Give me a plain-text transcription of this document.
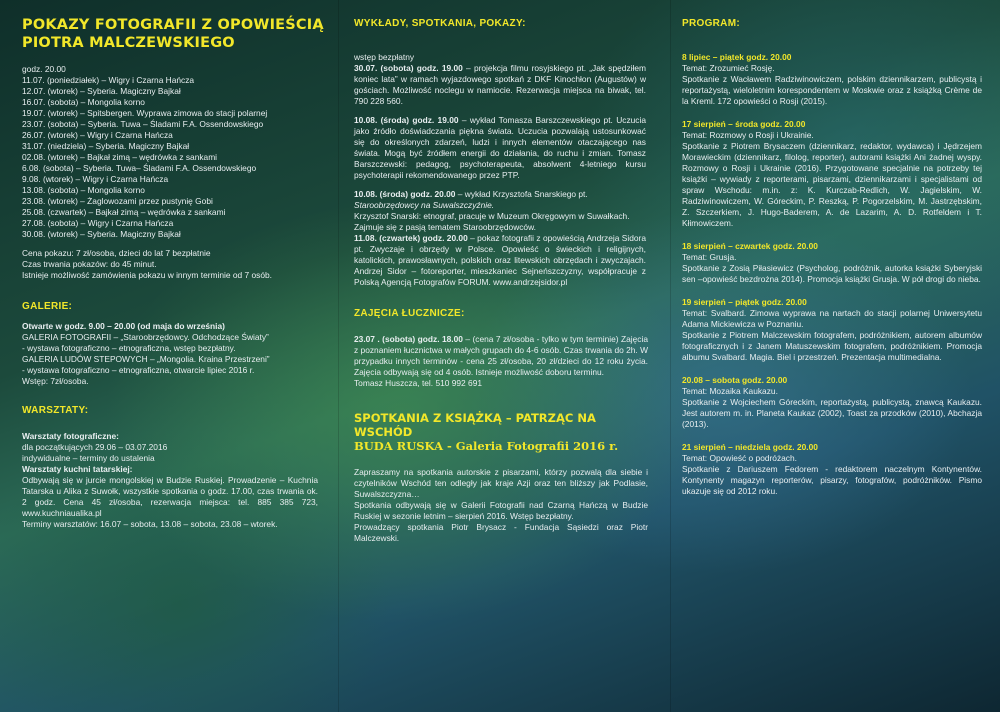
POKAZY FOTOGRAFII Z OPOWIEŚCIĄ
PIOTRA MALCZEWSKIEGO

godz. 20.00

11.07. (poniedziałek) – Wigry i Czarna Hańcza

12.07. (wtorek) – Syberia. Magiczny Bajkał

16.07. (sobota) – Mongolia korno

19.07. (wtorek) – Spitsbergen. Wyprawa zimowa do stacji polarnej

23.07. (sobota) – Syberia. Tuwa – Śladami F.A. Ossendowskiego

26.07. (wtorek) – Wigry i Czarna Hańcza

31.07. (niedziela) – Syberia. Magiczny Bajkał

02.08. (wtorek) – Bajkał zimą – wędrówka z sankami

6.08. (sobota) – Syberia. Tuwa– Śladami F.A. Ossendowskiego

9.08. (wtorek) – Wigry i Czarna Hańcza

13.08. (sobota) – Mongolia korno

23.08. (wtorek) – Żaglowozami przez pustynię Gobi

25.08. (czwartek) – Bajkał zimą – wędrówka z sankami

27.08. (sobota) – Wigry i Czarna Hańcza

30.08. (wtorek) – Syberia. Magiczny Bajkał

Cena pokazu: 7 zł/osoba, dzieci do lat 7 bezpłatnie

Czas trwania pokazów: do 45 minut.

Istnieje możliwość zamówienia pokazu w innym terminie od 7 osób.

GALERIE:

Otwarte w godz. 9.00 – 20.00 (od maja do września)

GALERIA FOTOGRAFII – „Staroobrzędowcy. Odchodzące Światy”

- wystawa fotograficzno – etnograficzna, wstęp bezpłatny.

GALERIA LUDÓW STEPOWYCH – „Mongolia. Kraina Przestrzeni”

- wystawa fotograficzno – etnograficzna, otwarcie lipiec 2016 r.

Wstęp: 7zł/osoba.

WARSZTATY:

Warsztaty fotograficzne:

dla początkujących 29.06 – 03.07.2016

indywidualne – terminy do ustalenia

Warsztaty kuchni tatarskiej:

Odbywają się w jurcie mongolskiej w Budzie Ruskiej. Prowadzenie – Kuchnia Tatarska u Alika z Suwołk, wszystkie spotkania o godz. 17.00, czas trwania ok. 2 godz. Cena 45 zł/osoba, rezerwacja miejsca: tel. 885 385 723, www.kuchniaualika.pl

Terminy warsztatów: 16.07 – sobota, 13.08 – sobota, 23.08 – wtorek.

WYKŁADY, SPOTKANIA, POKAZY:

wstęp bezpłatny

30.07. (sobota) godz. 19.00 – projekcja filmu rosyjskiego pt. „Jak spędziłem koniec lata” w ramach wyjazdowego spotkań z DKF Kinochłon (Augustów) w gościach. Możliwość noclegu w namiocie. Rezerwacja miejsca na biwak, tel. 790 228 560.

10.08. (środa) godz. 19.00 – wykład Tomasza Barszczewskiego pt. Uczucia jako źródło doświadczania piękna świata. Uczucia pozwalają ustosunkować się do określonych zdarzeń, ludzi i innych elementów otaczającego nas świata. Mogą być źródłem energii do działania, do ruchu i zmian. Tomasz Barszczewski: pedagog, psychoterapeuta, absolwent 4-letniego kursu psychoterapii rekomendowanego przez PTP.

10.08. (środa) godz. 20.00 – wykład Krzysztofa Snarskiego pt.
Staroobrzędowcy na Suwalszczyźnie.
Krzysztof Snarski: etnograf, pracuje w Muzeum Okręgowym w Suwałkach. Zajmuje się z pasją tematem Staroobrzędowców.

11.08. (czwartek) godz. 20.00 – pokaz fotografii z opowieścią Andrzeja Sidora pt. Zwyczaje i obrzędy w Polsce. Opowieść o świeckich i religijnych, katolickich, prawosławnych, polskich oraz litewskich obrzędach i zwyczajach. Andrzej Sidor – fotoreporter, mieszkaniec Sejneńszczyzny, współpracuje z Polską Agencją Fotografów FORUM. www.andrzejsidor.pl

ZAJĘCIA ŁUCZNICZE:

23.07 . (sobota) godz. 18.00 – (cena 7 zł/osoba - tylko w tym terminie) Zajęcia z poznaniem łucznictwa w małych grupach do 4-6 osób. Czas trwania do 2h. W przypadku innych terminów - cena 25 zł/osoba, 20 zł/dzieci do 12 roku życia. Zajęcia odbywają się od 4 osób. Istnieje możliwość doboru terminu.

Tomasz Huszcza, tel. 510 992 691

SPOTKANIA Z KSIĄŻKĄ – PATRZĄC NA WSCHÓD
BUDA RUSKA - Galeria Fotografii 2016 r.

Zapraszamy na spotkania autorskie z pisarzami, którzy pozwalą dla siebie i czytelników Wschód ten odległy jak kraje Azji oraz ten bliższy jak Podlasie, Suwalszczyzna…

Spotkania odbywają się w Galerii Fotografii nad Czarną Hańczą w Budzie Ruskiej w sezonie letnim – sierpień 2016. Wstęp bezpłatny.

Prowadzący spotkania Piotr Brysacz - Fundacja Sąsiedzi oraz Piotr Malczewski.

PROGRAM:

8 lipiec – piątek godz. 20.00

Temat: Zrozumieć Rosję.

Spotkanie z Wacławem Radziwinowiczem, polskim dziennikarzem, publicystą i reportażystą, wieloletnim korespondentem w Moskwie oraz z książką Crème de la Kreml. 172 opowieści o Rosji (2015).

17 sierpień – środa godz. 20.00

Temat: Rozmowy o Rosji i Ukrainie.

Spotkanie z Piotrem Brysaczem (dziennikarz, redaktor, wydawca) i Jędrzejem Morawieckim (dziennikarz, filolog, reporter), autorami książki Ani żadnej wyspy. Rozmowy o Rosji i Ukrainie (2016). Przygotowane specjalnie na potrzeby tej książki – wywiady z reporterami, pisarzami, dziennikarzami i specjalistami od spraw Wschodu: m.in. z: K. Kurczab-Redlich, W. Jagielskim, W. Radziwinowiczem, W. Góreckim, P. Reszką, P. Pogorzelskim, M. Jastrzębskim, Z. Szczerkiem, J. Hugo-Baderem, A. de Lazarim, A. D. Rotfeldem i T. Kłimowiczem.

18 sierpień – czwartek godz. 20.00

Temat: Grusja.

Spotkanie z Zosią Piłasiewicz (Psycholog, podróżnik, autorka książki Syberyjski sen –opowieść bezdrożna 2014). Promocja książki Grusja. W pół drogi do nieba.

19 sierpień – piątek godz. 20.00

Temat: Svalbard. Zimowa wyprawa na nartach do stacji polarnej Uniwersytetu Adama Mickiewicza w Poznaniu.

Spotkanie z Piotrem Malczewskim fotografem, podróżnikiem, autorem albumów fotograficznych i z Janem Matuszewskim fotografem, podróżnikiem. Promocja albumu Svalbard. Magia. Biel i przestrzeń. Prezentacja multimedialna.

20.08 – sobota godz. 20.00

Temat: Mozaika Kaukazu.

Spotkanie z Wojciechem Góreckim, reportażystą, publicystą, znawcą Kaukazu. Jest autorem m. in. Planeta Kaukaz (2002), Toast za przodków (2010), Abchazja (2013).

21 sierpień – niedziela godz. 20.00

Temat: Opowieść o podróżach.

Spotkanie z Dariuszem Fedorem - redaktorem naczelnym Kontynentów. Kontynenty magazyn reporterów, pisarzy, fotografów, podróżników. Pismo ukazuje się od 2012 roku.
